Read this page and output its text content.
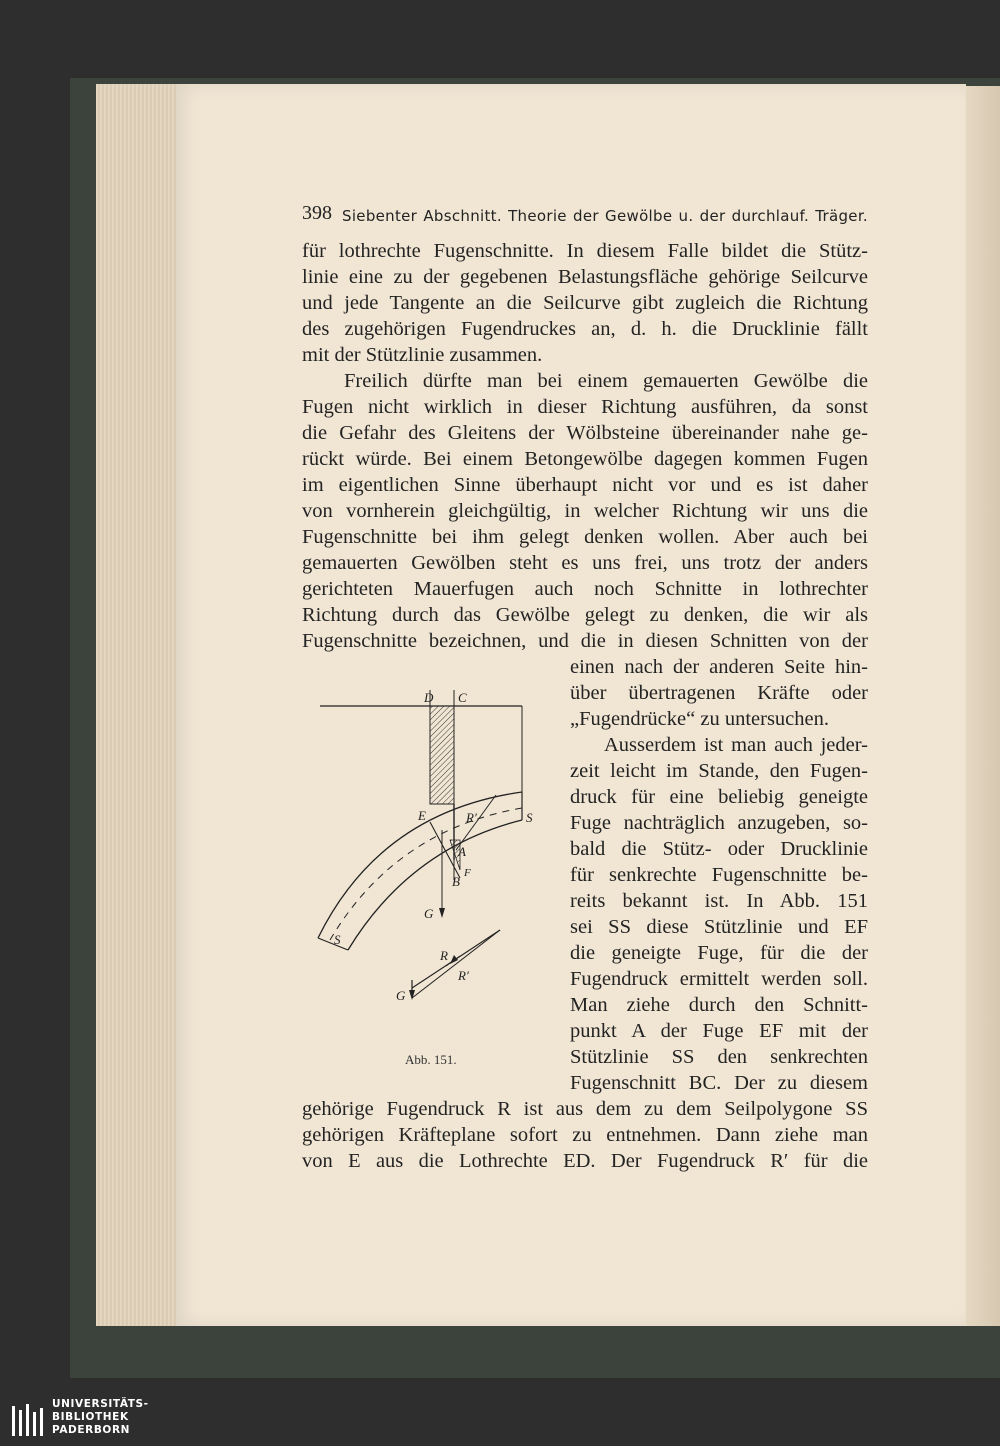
398 Siebenter Abschnitt. Theorie der Gewölbe u. der durchlauf. Träger.
für lothrechte Fugenschnitte. In diesem Falle bildet die Stütz-
linie eine zu der gegebenen Belastungsfläche gehörige Seilcurve
und jede Tangente an die Seilcurve gibt zugleich die Richtung
des zugehörigen Fugendruckes an, d. h. die Drucklinie fällt
mit der Stützlinie zusammen.
Freilich dürfte man bei einem gemauerten Gewölbe die
Fugen nicht wirklich in dieser Richtung ausführen, da sonst
die Gefahr des Gleitens der Wölbsteine übereinander nahe ge-
rückt würde. Bei einem Betongewölbe dagegen kommen Fugen
im eigentlichen Sinne überhaupt nicht vor und es ist daher
von vornherein gleichgültig, in welcher Richtung wir uns die
Fugenschnitte bei ihm gelegt denken wollen. Aber auch bei
gemauerten Gewölben steht es uns frei, uns trotz der anders
gerichteten Mauerfugen auch noch Schnitte in lothrechter
Richtung durch das Gewölbe gelegt zu denken, die wir als
Fugenschnitte bezeichnen, und die in diesen Schnitten von der
einen nach der anderen Seite hin-
über übertragenen Kräfte oder
„Fugendrücke“ zu untersuchen.
Ausserdem ist man auch jeder-
zeit leicht im Stande, den Fugen-
druck für eine beliebig geneigte
Fuge nachträglich anzugeben, so-
bald die Stütz- oder Drucklinie
für senkrechte Fugenschnitte be-
reits bekannt ist. In Abb. 151
sei SS diese Stützlinie und EF
die geneigte Fuge, für die der
Fugendruck ermittelt werden soll.
Man ziehe durch den Schnitt-
punkt A der Fuge EF mit der
Stützlinie SS den senkrechten
Fugenschnitt BC. Der zu diesem
gehörige Fugendruck R ist aus dem zu dem Seilpolygone SS
gehörigen Kräfteplane sofort zu entnehmen. Dann ziehe man
von E aus die Lothrechte ED. Der Fugendruck R′ für die
D C
E	R′	S
A
B
F
G
S
R
R′
G
Abb. 151.
UNIVERSITÄTS-
BIBLIOTHEK
PADERBORN
